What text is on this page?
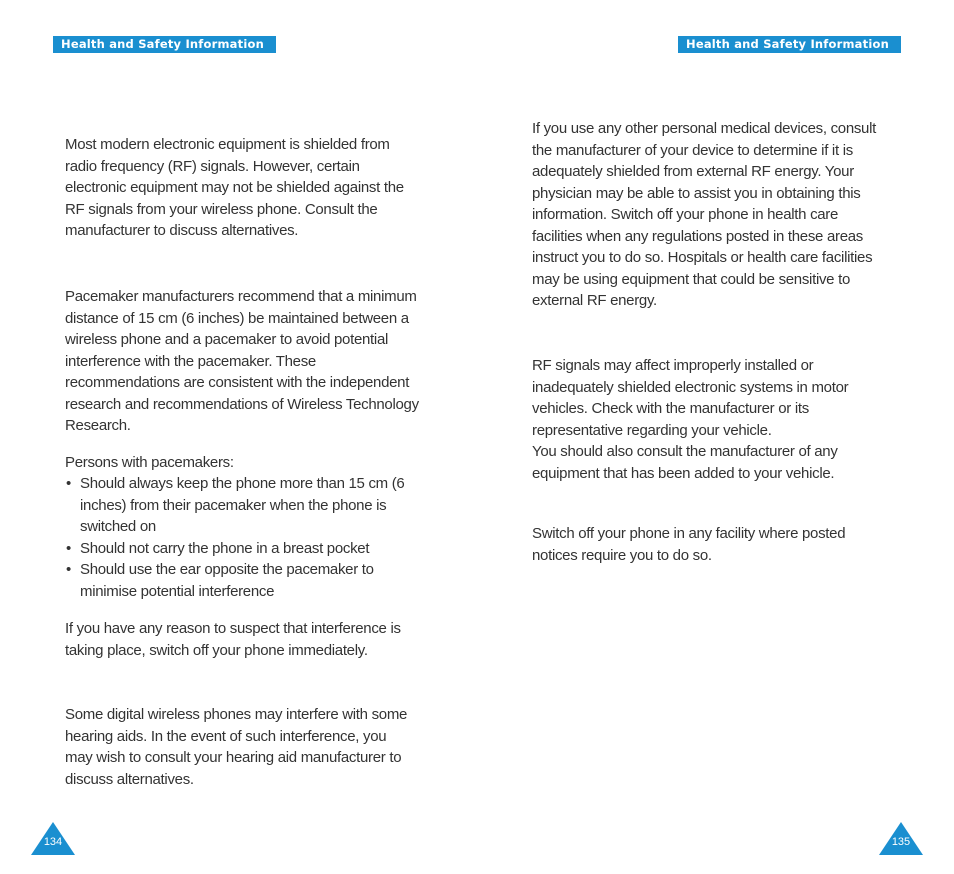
Health and Safety Information	Health and Safety Information

Most modern electronic equipment is shielded from
radio frequency (RF) signals. However, certain
electronic equipment may not be shielded against the
RF signals from your wireless phone. Consult the
manufacturer to discuss alternatives.

Pacemaker manufacturers recommend that a minimum
distance of 15 cm (6 inches) be maintained between a
wireless phone and a pacemaker to avoid potential
interference with the pacemaker. These
recommendations are consistent with the independent
research and recommendations of Wireless Technology
Research.

Persons with pacemakers:

• Should always keep the phone more than 15 cm (6
inches) from their pacemaker when the phone is
switched on

• Should not carry the phone in a breast pocket

• Should use the ear opposite the pacemaker to
minimise potential interference

If you have any reason to suspect that interference is
taking place, switch off your phone immediately.

Some digital wireless phones may interfere with some
hearing aids. In the event of such interference, you
may wish to consult your hearing aid manufacturer to
discuss alternatives.

If you use any other personal medical devices, consult
the manufacturer of your device to determine if it is
adequately shielded from external RF energy. Your
physician may be able to assist you in obtaining this
information. Switch off your phone in health care
facilities when any regulations posted in these areas
instruct you to do so. Hospitals or health care facilities
may be using equipment that could be sensitive to
external RF energy.

RF signals may affect improperly installed or
inadequately shielded electronic systems in motor
vehicles. Check with the manufacturer or its
representative regarding your vehicle.
You should also consult the manufacturer of any
equipment that has been added to your vehicle.

Switch off your phone in any facility where posted
notices require you to do so.

134	135
